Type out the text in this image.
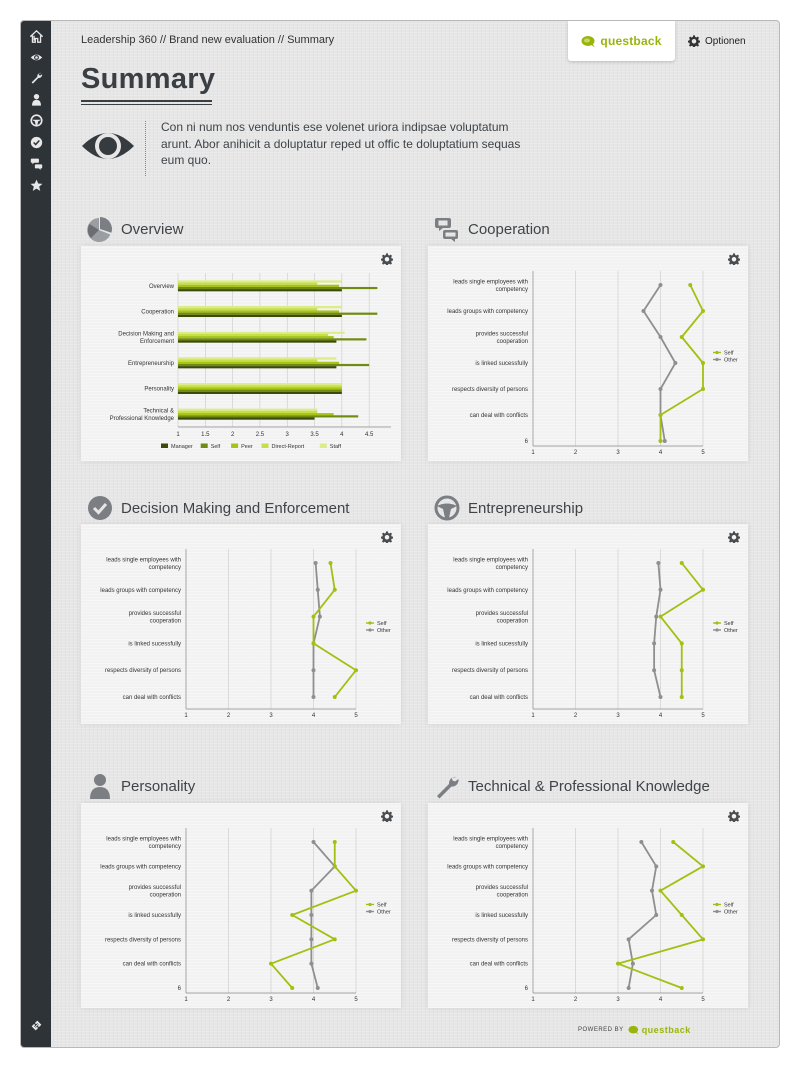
Leadership 360 // Brand new evaluation // Summary	questback	Optionen
Summary
Con ni num nos venduntis ese volenet uriora indipsae voluptatum arunt. Abor anihicit a doluptatur reped ut offic te doluptatium sequas eum quo.
Overview	Cooperation
Decision Making and Enforcement	Entrepreneurship
Personality	Technical & Professional Knowledge
1	1.5	2	2.5	3	3.5	4	4.5
Overview
Cooperation
Decision Making and Enforcement
Entrepreneurship
Personality
Technical & Professional Knowledge
Manager	Self	Peer	Direct-Report	Staff
1	2	3	4	5
leads single employees with competency
leads groups with competency
provides successful cooperation
is linked sucessfully
respects diversity of persons
can deal with conflicts
6
Self
Other
1	2	3	4	5
leads single employees with competency
leads groups with competency
provides successful cooperation
is linked sucessfully
respects diversity of persons
can deal with conflicts
Self
Other
1	2	3	4	5
leads single employees with competency
leads groups with competency
provides successful cooperation
is linked sucessfully
respects diversity of persons
can deal with conflicts
Self
Other
1	2	3	4	5
leads single employees with competency
leads groups with competency
provides successful cooperation
is linked sucessfully
respects diversity of persons
can deal with conflicts
6
Self
Other
1	2	3	4	5
leads single employees with competency
leads groups with competency
provides successful cooperation
is linked sucessfully
respects diversity of persons
can deal with conflicts
6
Self
Other
POWERED BY questback
